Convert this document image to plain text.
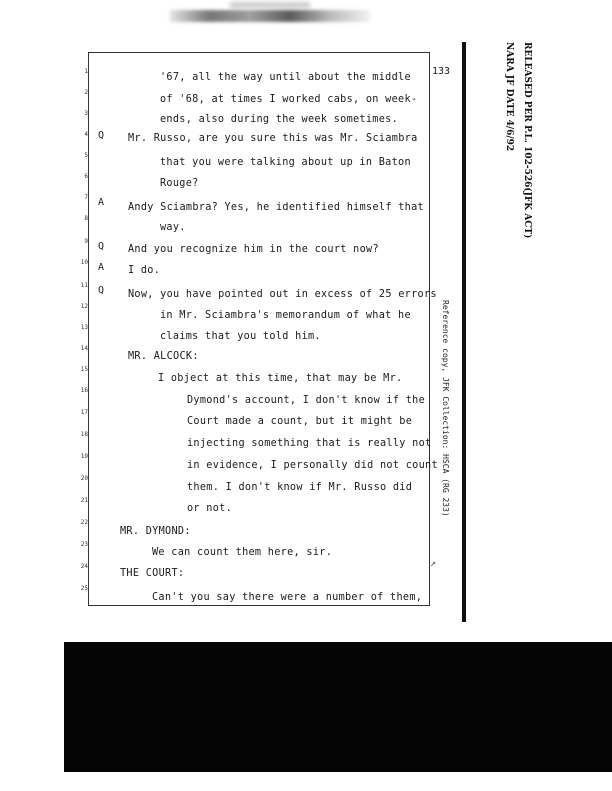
133
1
2
3
4
5
6
7
8
9
10
11
12
13
14
15
16
17
18
19
20
21
22
23
24
25
Q
A
Q
A
Q
'67, all the way until about the middle
of '68, at times I worked cabs, on week-
ends, also during the week sometimes.
Mr. Russo, are you sure this was Mr. Sciambra
that you were talking about up in Baton
Rouge?
Andy Sciambra? Yes, he identified himself that
way.
And you recognize him in the court now?
I do.
Now, you have pointed out in excess of 25 errors
in Mr. Sciambra's memorandum of what he
claims that you told him.
MR. ALCOCK:
I object at this time, that may be Mr.
Dymond's account, I don't know if the
Court made a count, but it might be
injecting something that is really not
in evidence, I personally did not count
them. I don't know if Mr. Russo did
or not.
MR. DYMOND:
We can count them here, sir.
THE COURT:
Can't you say there were a number of them,
RELEASED PER P.L. 102-526(JFK ACT)
NARA JF DATE 4/6/92
Reference copy, JFK Collection: HSCA (RG 233)
↗
